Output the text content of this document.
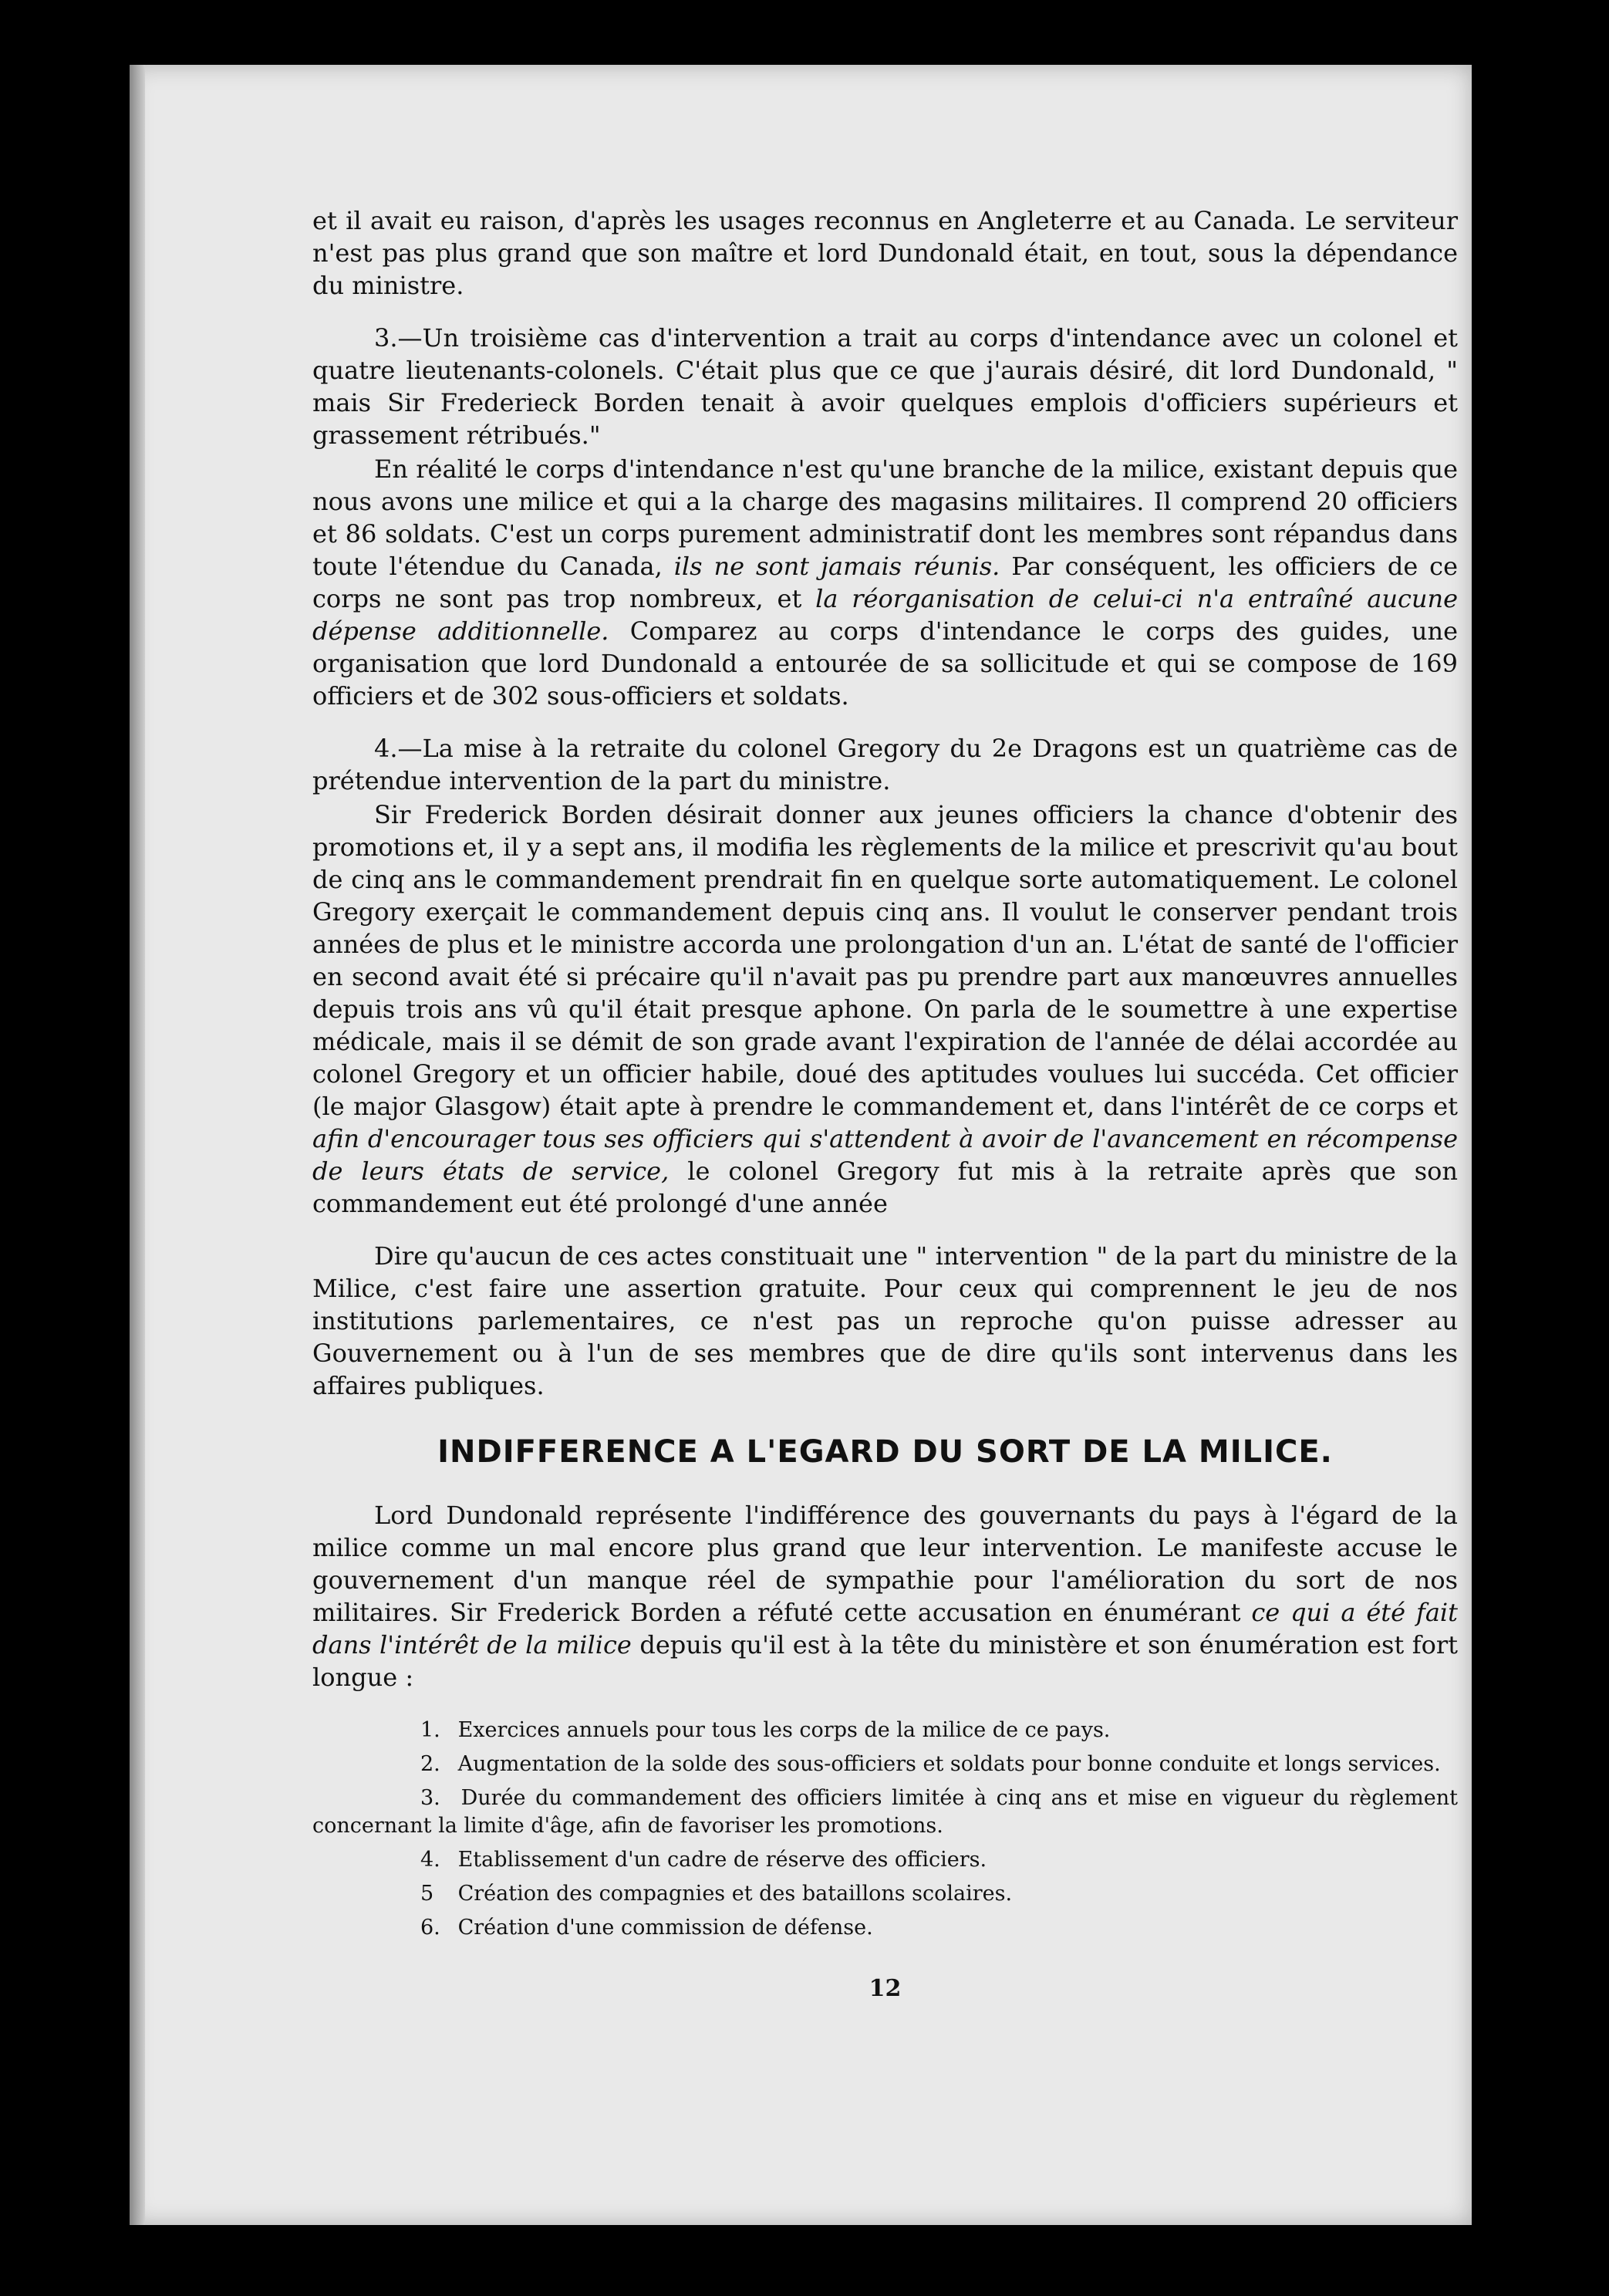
et il avait eu raison, d'après les usages reconnus en Angleterre et au Canada. Le serviteur n'est pas plus grand que son maître et lord Dundonald était, en tout, sous la dépendance du ministre.

3.—Un troisième cas d'intervention a trait au corps d'intendance avec un colonel et quatre lieutenants-colonels. C'était plus que ce que j'aurais désiré, dit lord Dundonald, " mais Sir Frederieck Borden tenait à avoir quelques emplois d'officiers supérieurs et grassement rétribués."

En réalité le corps d'intendance n'est qu'une branche de la milice, existant depuis que nous avons une milice et qui a la charge des magasins militaires. Il comprend 20 officiers et 86 soldats. C'est un corps purement administratif dont les membres sont répandus dans toute l'étendue du Canada, ils ne sont jamais réunis. Par conséquent, les officiers de ce corps ne sont pas trop nombreux, et la réorganisation de celui-ci n'a entraîné aucune dépense additionnelle. Comparez au corps d'intendance le corps des guides, une organisation que lord Dundonald a entourée de sa sollicitude et qui se compose de 169 officiers et de 302 sous-officiers et soldats.

4.—La mise à la retraite du colonel Gregory du 2e Dragons est un quatrième cas de prétendue intervention de la part du ministre.

Sir Frederick Borden désirait donner aux jeunes officiers la chance d'obtenir des promotions et, il y a sept ans, il modifia les règlements de la milice et prescrivit qu'au bout de cinq ans le commandement prendrait fin en quelque sorte automatiquement. Le colonel Gregory exerçait le commandement depuis cinq ans. Il voulut le conserver pendant trois années de plus et le ministre accorda une prolongation d'un an. L'état de santé de l'officier en second avait été si précaire qu'il n'avait pas pu prendre part aux manœuvres annuelles depuis trois ans vû qu'il était presque aphone. On parla de le soumettre à une expertise médicale, mais il se démit de son grade avant l'expiration de l'année de délai accordée au colonel Gregory et un officier habile, doué des aptitudes voulues lui succéda. Cet officier (le major Glasgow) était apte à prendre le commandement et, dans l'intérêt de ce corps et afin d'encourager tous ses officiers qui s'attendent à avoir de l'avancement en récompense de leurs états de service, le colonel Gregory fut mis à la retraite après que son commandement eut été prolongé d'une année

Dire qu'aucun de ces actes constituait une " intervention " de la part du ministre de la Milice, c'est faire une assertion gratuite. Pour ceux qui comprennent le jeu de nos institutions parlementaires, ce n'est pas un reproche qu'on puisse adresser au Gouvernement ou à l'un de ses membres que de dire qu'ils sont intervenus dans les affaires publiques.

INDIFFERENCE A L'EGARD DU SORT DE LA MILICE.

Lord Dundonald représente l'indifférence des gouvernants du pays à l'égard de la milice comme un mal encore plus grand que leur intervention. Le manifeste accuse le gouvernement d'un manque réel de sympathie pour l'amélioration du sort de nos militaires. Sir Frederick Borden a réfuté cette accusation en énumérant ce qui a été fait dans l'intérêt de la milice depuis qu'il est à la tête du ministère et son énumération est fort longue :

1. Exercices annuels pour tous les corps de la milice de ce pays.
2. Augmentation de la solde des sous-officiers et soldats pour bonne conduite et longs services.
3. Durée du commandement des officiers limitée à cinq ans et mise en vigueur du règlement concernant la limite d'âge, afin de favoriser les promotions.
4. Etablissement d'un cadre de réserve des officiers.
5 Création des compagnies et des bataillons scolaires.
6. Création d'une commission de défense.
12
